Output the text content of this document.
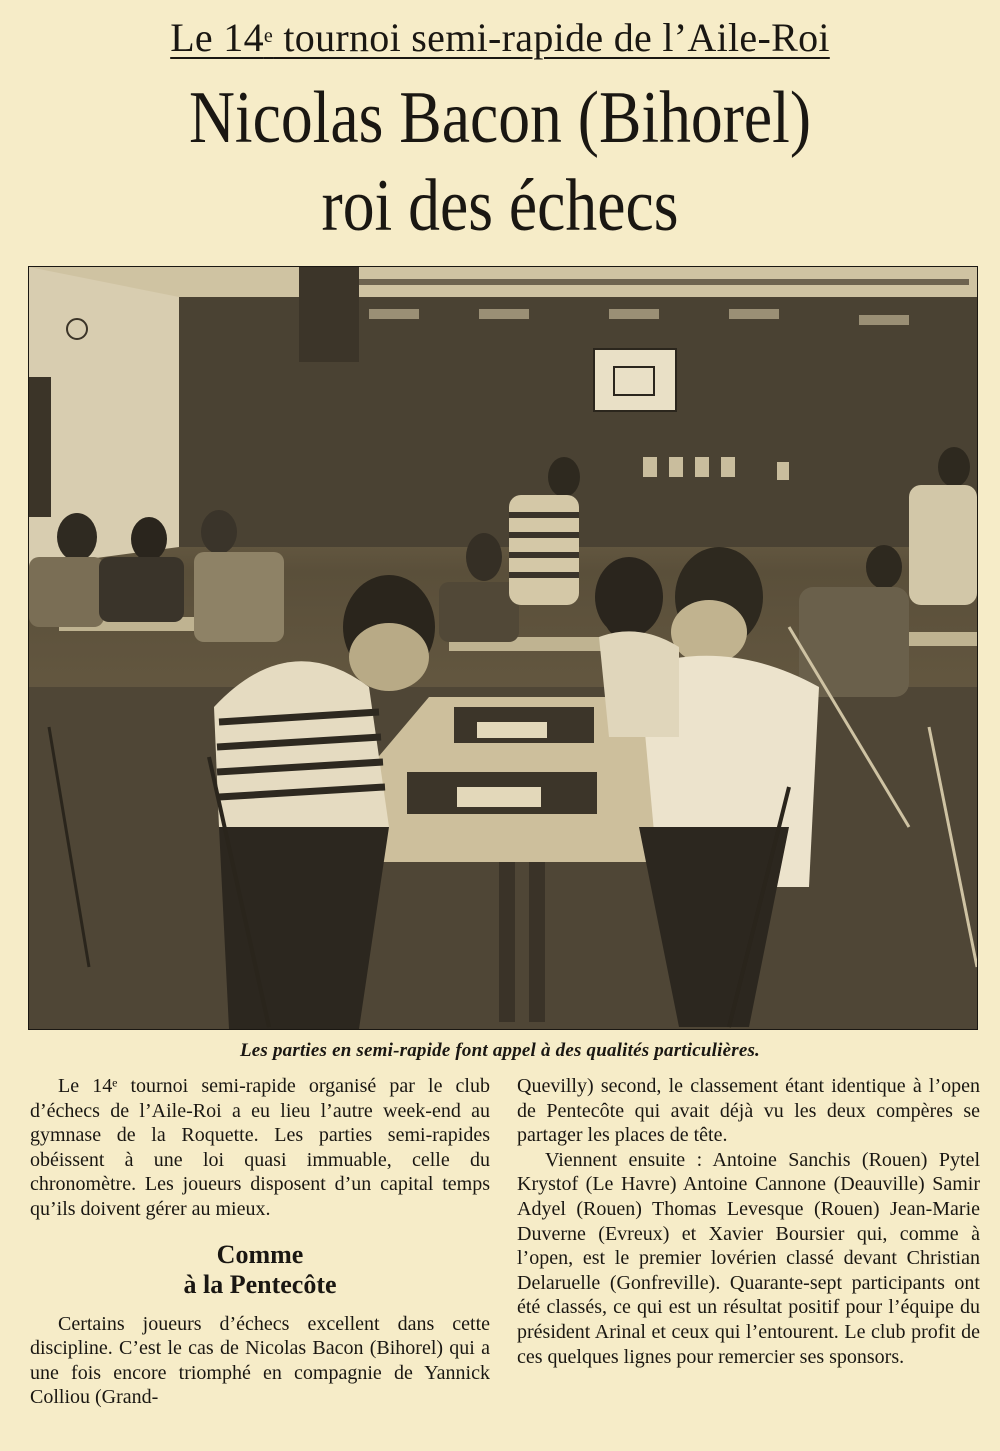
Le 14e tournoi semi-rapide de l’Aile-Roi
Nicolas Bacon (Bihorel)
roi des échecs
Les parties en semi-rapide font appel à des qualités particulières.

Le 14ᵉ tournoi semi-rapide organisé par le club d’échecs de l’Aile-Roi a eu lieu l’autre week-end au gymnase de la Roquette. Les parties semi-rapides obéissent à une loi quasi immuable, celle du chronomètre. Les joueurs disposent d’un capital temps qu’ils doivent gérer au mieux.

Comme
à la Pentecôte

Certains joueurs d’échecs excellent dans cette discipline. C’est le cas de Nicolas Bacon (Bihorel) qui a une fois encore triomphé en compagnie de Yannick Colliou (Grand-

Quevilly) second, le classement étant identique à l’open de Pentecôte qui avait déjà vu les deux compères se partager les places de tête.

Viennent ensuite : Antoine Sanchis (Rouen) Pytel Krystof (Le Havre) Antoine Cannone (Deauville) Samir Adyel (Rouen) Thomas Levesque (Rouen) Jean-Marie Duverne (Evreux) et Xavier Boursier qui, comme à l’open, est le premier lovérien classé devant Christian Delaruelle (Gonfreville). Quarante-sept participants ont été classés, ce qui est un résultat positif pour l’équipe du président Arinal et ceux qui l’entourent. Le club profit de ces quelques lignes pour remercier ses sponsors.
